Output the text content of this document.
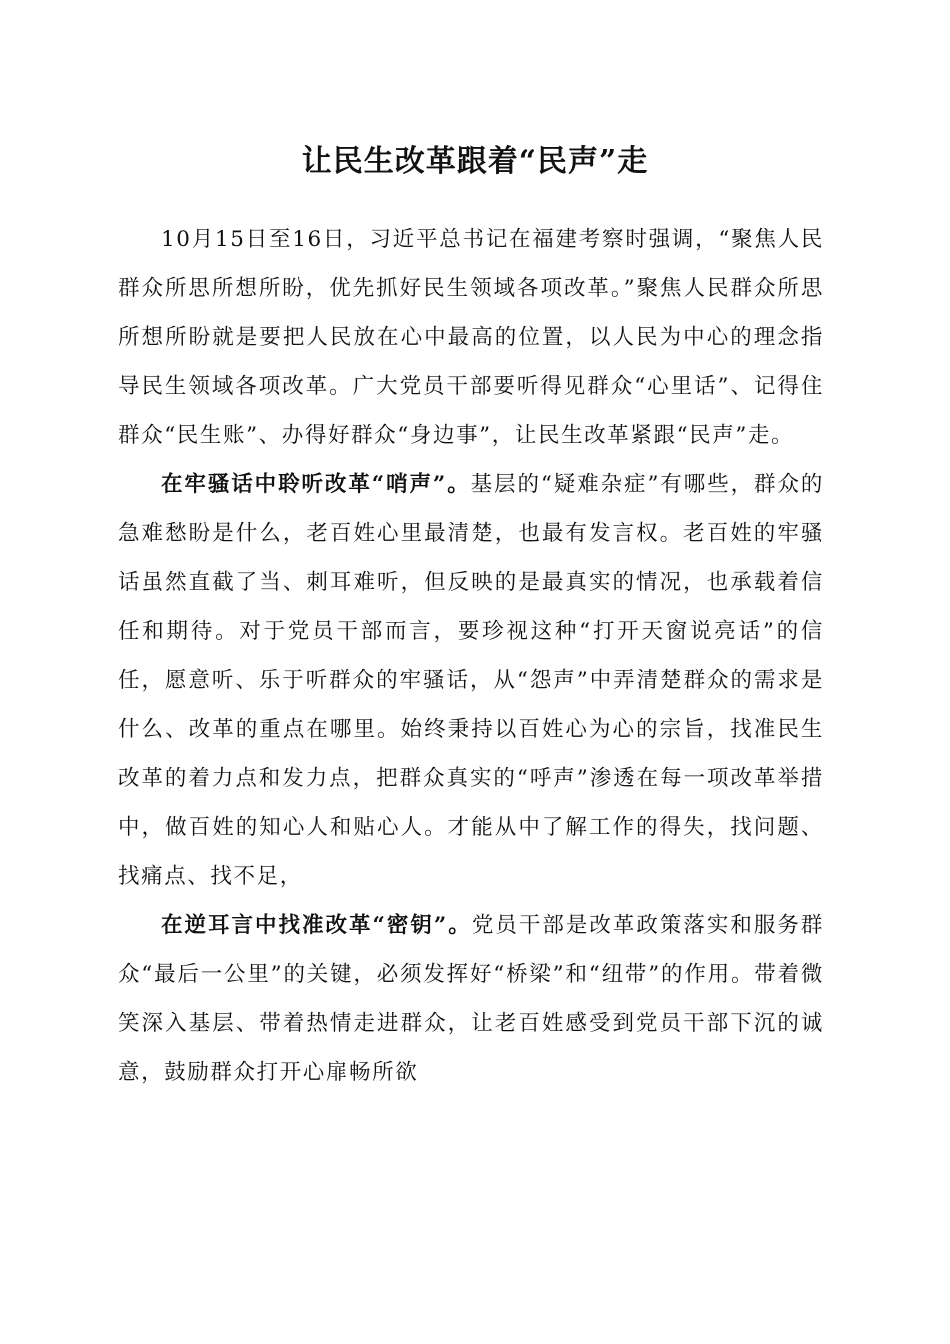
让民生改革跟着“民声”走

10月15日至16日，习近平总书记在福建考察时强调，“聚焦人民群众所思所想所盼，优先抓好民生领域各项改革。”聚焦人民群众所思所想所盼就是要把人民放在心中最高的位置，以人民为中心的理念指导民生领域各项改革。广大党员干部要听得见群众“心里话”、记得住群众“民生账”、办得好群众“身边事”，让民生改革紧跟“民声”走。

在牢骚话中聆听改革“哨声”。基层的“疑难杂症”有哪些，群众的急难愁盼是什么，老百姓心里最清楚，也最有发言权。老百姓的牢骚话虽然直截了当、刺耳难听，但反映的是最真实的情况，也承载着信任和期待。对于党员干部而言，要珍视这种“打开天窗说亮话”的信任，愿意听、乐于听群众的牢骚话，从“怨声”中弄清楚群众的需求是什么、改革的重点在哪里。始终秉持以百姓心为心的宗旨，找准民生改革的着力点和发力点，把群众真实的“呼声”渗透在每一项改革举措中，做百姓的知心人和贴心人。才能从中了解工作的得失，找问题、找痛点、找不足，

在逆耳言中找准改革“密钥”。党员干部是改革政策落实和服务群众“最后一公里”的关键，必须发挥好“桥梁”和“纽带”的作用。带着微笑深入基层、带着热情走进群众，让老百姓感受到党员干部下沉的诚意，鼓励群众打开心扉畅所欲
